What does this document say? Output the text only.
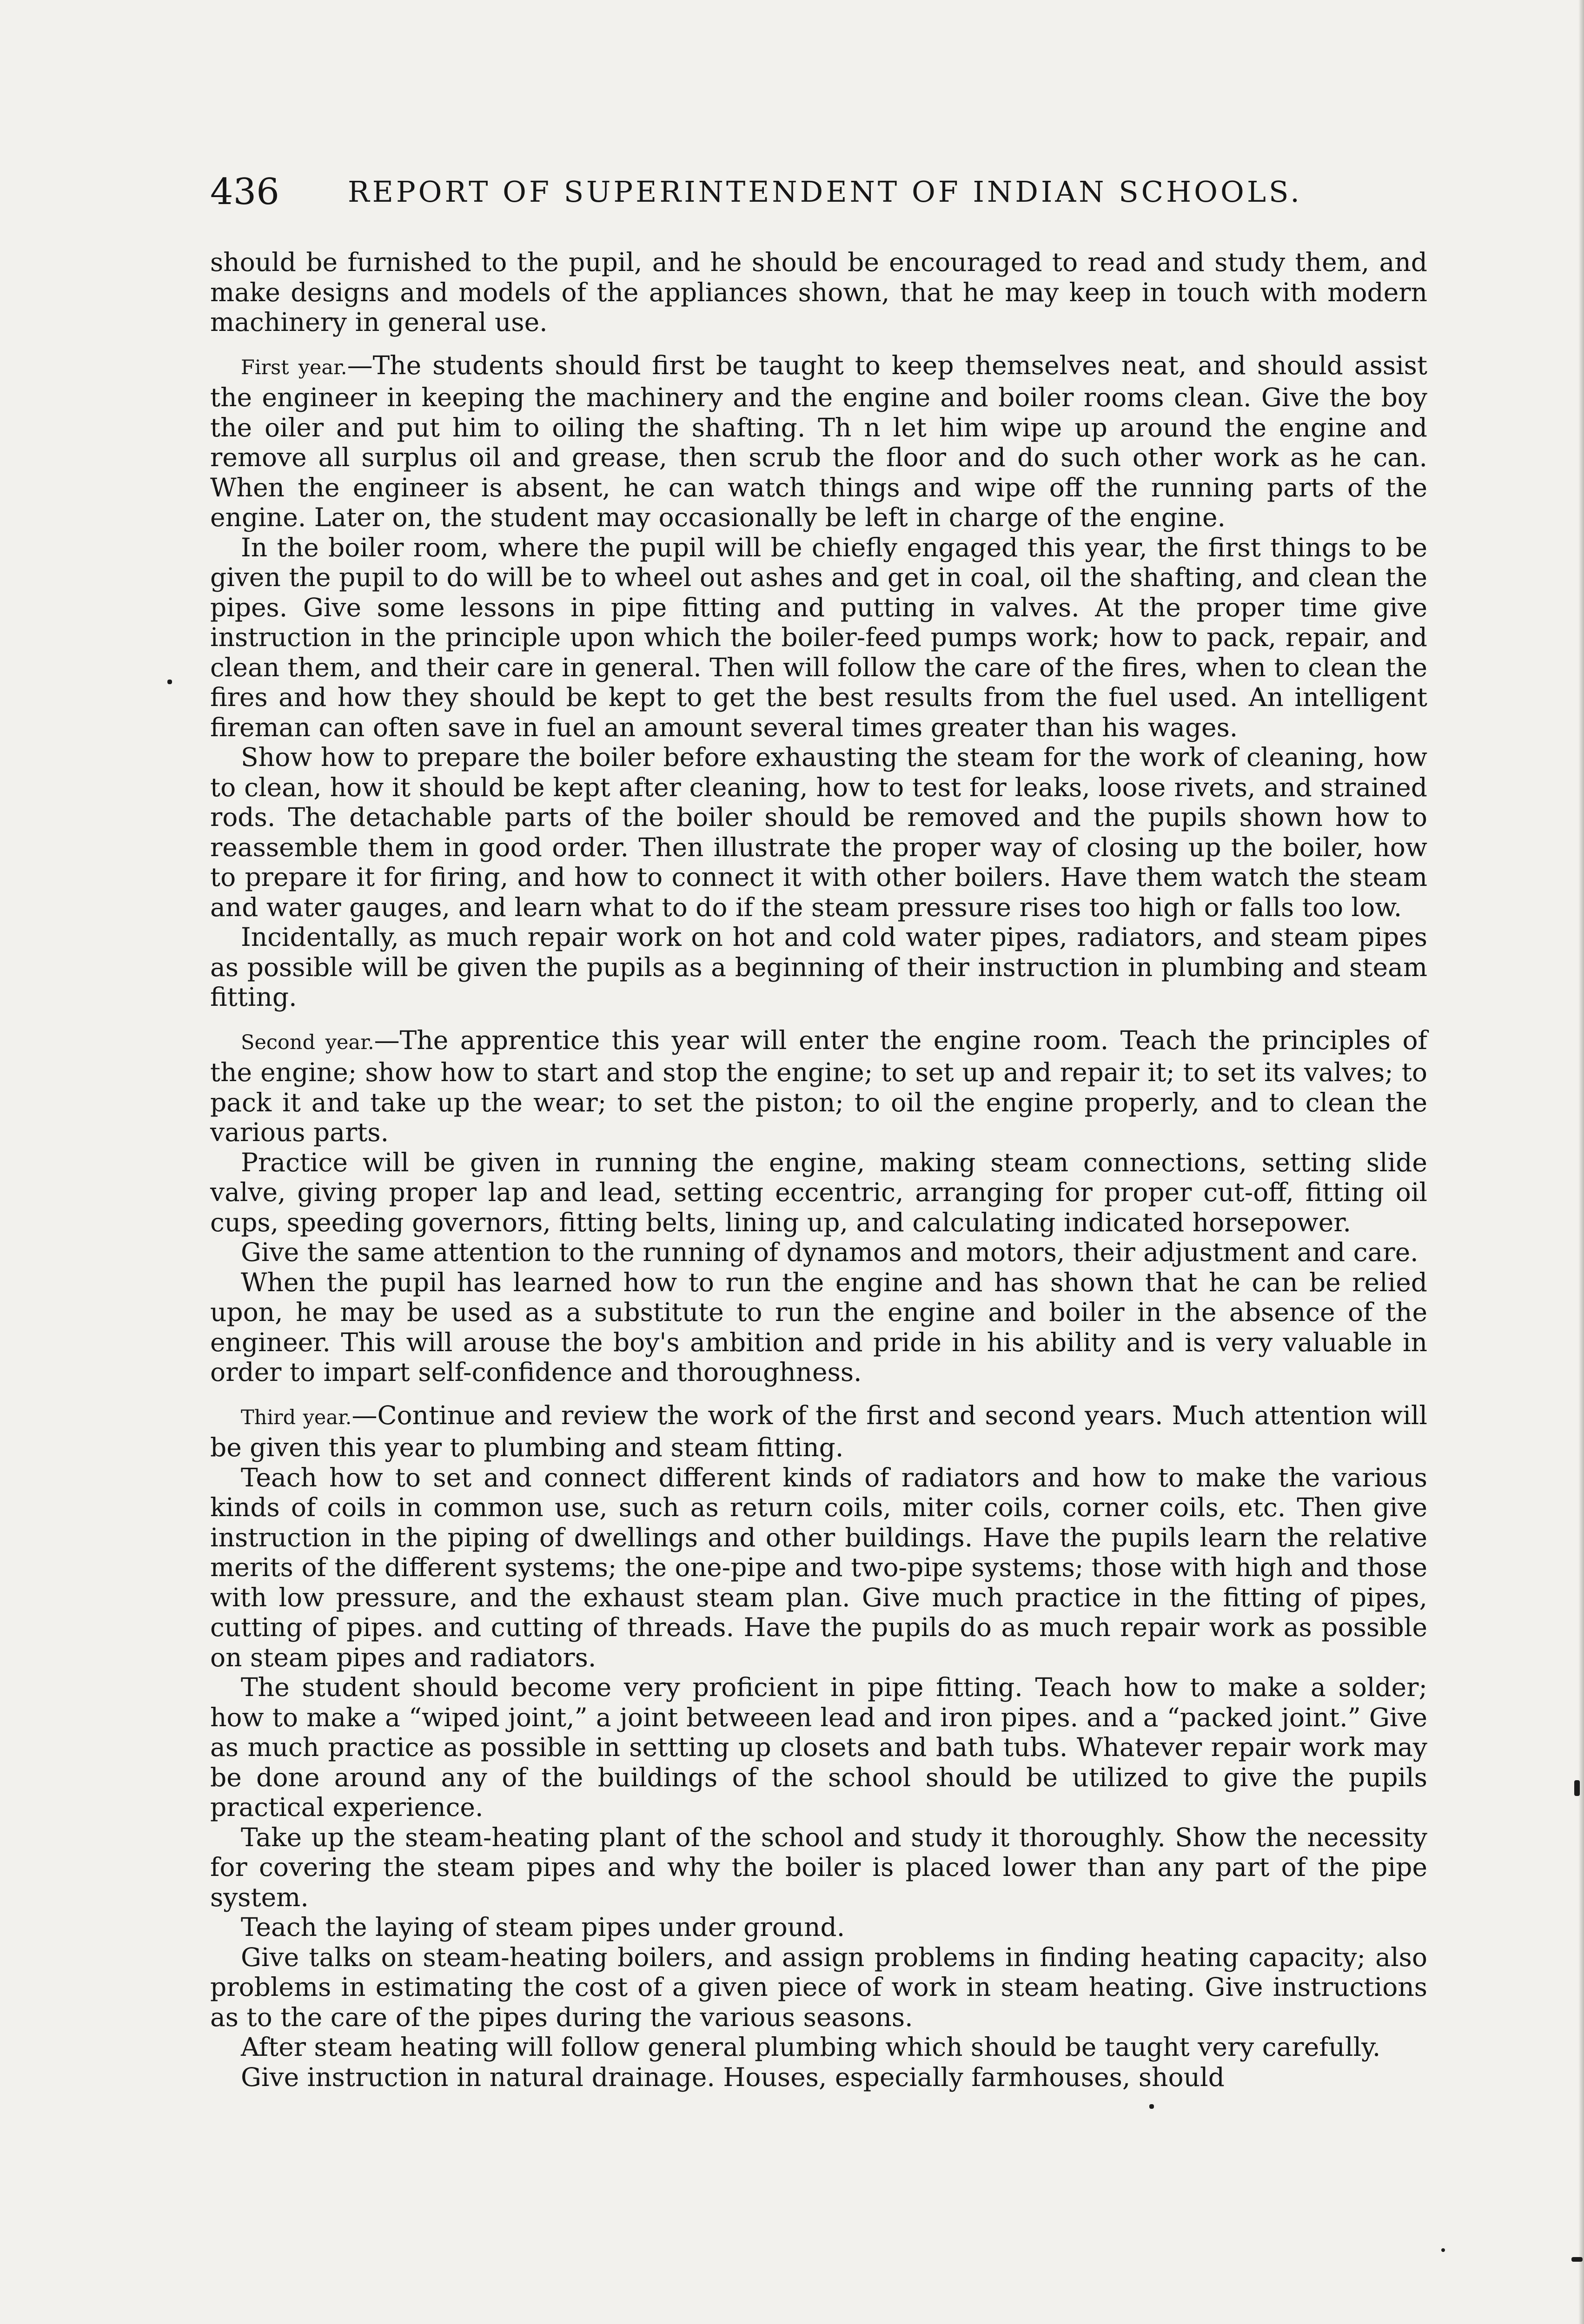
436 REPORT OF SUPERINTENDENT OF INDIAN SCHOOLS.

should be furnished to the pupil, and he should be encouraged to read and study them, and make designs and models of the appliances shown, that he may keep in touch with modern machinery in general use.

First year.—The students should first be taught to keep themselves neat, and should assist the engineer in keeping the machinery and the engine and boiler rooms clean. Give the boy the oiler and put him to oiling the shafting. Th n let him wipe up around the engine and remove all surplus oil and grease, then scrub the floor and do such other work as he can. When the engineer is absent, he can watch things and wipe off the running parts of the engine. Later on, the student may occasionally be left in charge of the engine.

In the boiler room, where the pupil will be chiefly engaged this year, the first things to be given the pupil to do will be to wheel out ashes and get in coal, oil the shafting, and clean the pipes. Give some lessons in pipe fitting and putting in valves. At the proper time give instruction in the principle upon which the boiler-feed pumps work; how to pack, repair, and clean them, and their care in general. Then will follow the care of the fires, when to clean the fires and how they should be kept to get the best results from the fuel used. An intelligent fireman can often save in fuel an amount several times greater than his wages.

Show how to prepare the boiler before exhausting the steam for the work of cleaning, how to clean, how it should be kept after cleaning, how to test for leaks, loose rivets, and strained rods. The detachable parts of the boiler should be removed and the pupils shown how to reassemble them in good order. Then illustrate the proper way of closing up the boiler, how to prepare it for firing, and how to connect it with other boilers. Have them watch the steam and water gauges, and learn what to do if the steam pressure rises too high or falls too low.

Incidentally, as much repair work on hot and cold water pipes, radiators, and steam pipes as possible will be given the pupils as a beginning of their instruction in plumbing and steam fitting.

Second year.—The apprentice this year will enter the engine room. Teach the principles of the engine; show how to start and stop the engine; to set up and repair it; to set its valves; to pack it and take up the wear; to set the piston; to oil the engine properly, and to clean the various parts.

Practice will be given in running the engine, making steam connections, setting slide valve, giving proper lap and lead, setting eccentric, arranging for proper cut-off, fitting oil cups, speeding governors, fitting belts, lining up, and calculating indicated horsepower.

Give the same attention to the running of dynamos and motors, their adjustment and care.

When the pupil has learned how to run the engine and has shown that he can be relied upon, he may be used as a substitute to run the engine and boiler in the absence of the engineer. This will arouse the boy's ambition and pride in his ability and is very valuable in order to impart self-confidence and thoroughness.

Third year.—Continue and review the work of the first and second years. Much attention will be given this year to plumbing and steam fitting.

Teach how to set and connect different kinds of radiators and how to make the various kinds of coils in common use, such as return coils, miter coils, corner coils, etc. Then give instruction in the piping of dwellings and other buildings. Have the pupils learn the relative merits of the different systems; the one-pipe and two-pipe systems; those with high and those with low pressure, and the exhaust steam plan. Give much practice in the fitting of pipes, cutting of pipes. and cutting of threads. Have the pupils do as much repair work as possible on steam pipes and radiators.

The student should become very proficient in pipe fitting. Teach how to make a solder; how to make a “wiped joint,” a joint betweeen lead and iron pipes. and a “packed joint.” Give as much practice as possible in settting up closets and bath tubs. Whatever repair work may be done around any of the buildings of the school should be utilized to give the pupils practical experience.

Take up the steam-heating plant of the school and study it thoroughly. Show the necessity for covering the steam pipes and why the boiler is placed lower than any part of the pipe system.

Teach the laying of steam pipes under ground.

Give talks on steam-heating boilers, and assign problems in finding heating capacity; also problems in estimating the cost of a given piece of work in steam heating. Give instructions as to the care of the pipes during the various seasons.

After steam heating will follow general plumbing which should be taught very carefully.

Give instruction in natural drainage. Houses, especially farmhouses, should
